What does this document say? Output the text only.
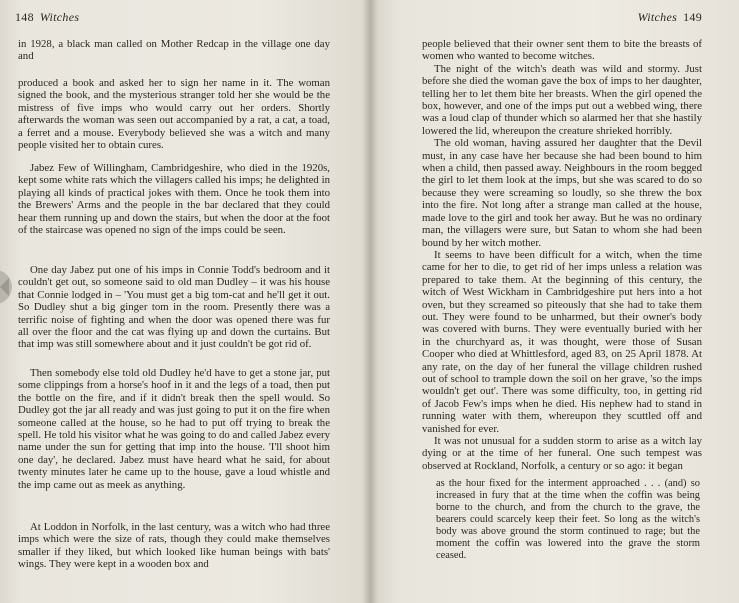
148 Witches
in 1928, a black man called on Mother Redcap in the village one day and

produced a book and asked her to sign her name in it. The woman signed the book, and the mysterious stranger told her she would be the mistress of five imps who would carry out her orders. Shortly afterwards the woman was seen out accompanied by a rat, a cat, a toad, a ferret and a mouse. Everybody believed she was a witch and many people visited her to obtain cures.

Jabez Few of Willingham, Cambridgeshire, who died in the 1920s, kept some white rats which the villagers called his imps; he delighted in playing all kinds of practical jokes with them. Once he took them into the Brewers' Arms and the people in the bar declared that they could hear them running up and down the stairs, but when the door at the foot of the staircase was opened no sign of the imps could be seen.

One day Jabez put one of his imps in Connie Todd's bedroom and it couldn't get out, so someone said to old man Dudley – it was his house that Connie lodged in – 'You must get a big tom-cat and he'll get it out. So Dudley shut a big ginger tom in the room. Presently there was a terrific noise of fighting and when the door was opened there was fur all over the floor and the cat was flying up and down the curtains. But that imp was still somewhere about and it just couldn't be got rid of.

Then somebody else told old Dudley he'd have to get a stone jar, put some clippings from a horse's hoof in it and the legs of a toad, then put the bottle on the fire, and if it didn't break then the spell would. So Dudley got the jar all ready and was just going to put it on the fire when someone called at the house, so he had to put off trying to break the spell. He told his visitor what he was going to do and called Jabez every name under the sun for getting that imp into the house. 'I'll shoot him one day', he declared. Jabez must have heard what he said, for about twenty minutes later he came up to the house, gave a loud whistle and the imp came out as meek as anything.

At Loddon in Norfolk, in the last century, was a witch who had three imps which were the size of rats, though they could make themselves smaller if they liked, but which looked like human beings with bats' wings. They were kept in a wooden box and

Witches 149

people believed that their owner sent them to bite the breasts of women who wanted to become witches.

The night of the witch's death was wild and stormy. Just before she died the woman gave the box of imps to her daughter, telling her to let them bite her breasts. When the girl opened the box, however, and one of the imps put out a webbed wing, there was a loud clap of thunder which so alarmed her that she hastily lowered the lid, whereupon the creature shrieked horribly.

The old woman, having assured her daughter that the Devil must, in any case have her because she had been bound to him when a child, then passed away. Neighbours in the room begged the girl to let them look at the imps, but she was scared to do so because they were screaming so loudly, so she threw the box into the fire. Not long after a strange man called at the house, made love to the girl and took her away. But he was no ordinary man, the villagers were sure, but Satan to whom she had been bound by her witch mother.

It seems to have been difficult for a witch, when the time came for her to die, to get rid of her imps unless a relation was prepared to take them. At the beginning of this century, the witch of West Wickham in Cambridgeshire put hers into a hot oven, but they screamed so piteously that she had to take them out. They were found to be unharmed, but their owner's body was covered with burns. They were eventually buried with her in the churchyard as, it was thought, were those of Susan Cooper who died at Whittlesford, aged 83, on 25 April 1878. At any rate, on the day of her funeral the village children rushed out of school to trample down the soil on her grave, 'so the imps wouldn't get out'. There was some difficulty, too, in getting rid of Jacob Few's imps when he died. His nephew had to stand in running water with them, whereupon they scuttled off and vanished for ever.

It was not unusual for a sudden storm to arise as a witch lay dying or at the time of her funeral. One such tempest was observed at Rockland, Norfolk, a century or so ago: it began

as the hour fixed for the interment approached . . . (and) so increased in fury that at the time when the coffin was being borne to the church, and from the church to the grave, the bearers could scarcely keep their feet. So long as the witch's body was above ground the storm continued to rage; but the moment the coffin was lowered into the grave the storm ceased.
